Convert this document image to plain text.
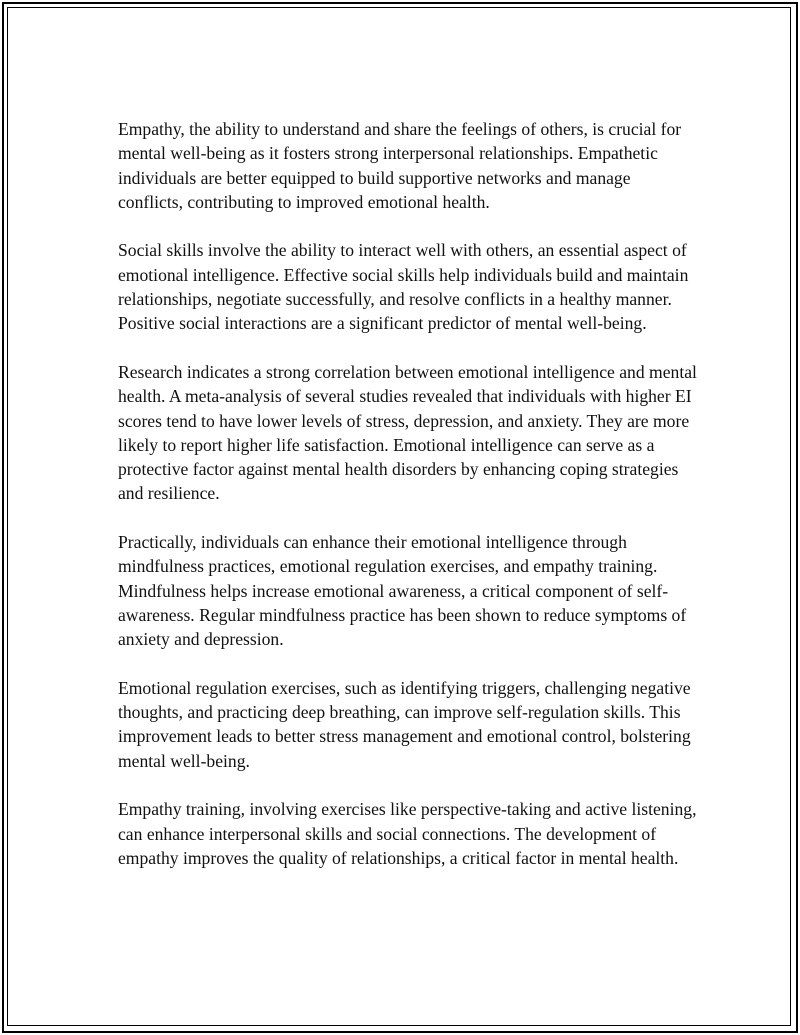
Empathy, the ability to understand and share the feelings of others, is crucial for mental well-being as it fosters strong interpersonal relationships. Empathetic individuals are better equipped to build supportive networks and manage conflicts, contributing to improved emotional health.

Social skills involve the ability to interact well with others, an essential aspect of emotional intelligence. Effective social skills help individuals build and maintain relationships, negotiate successfully, and resolve conflicts in a healthy manner. Positive social interactions are a significant predictor of mental well-being.

Research indicates a strong correlation between emotional intelligence and mental health. A meta-analysis of several studies revealed that individuals with higher EI scores tend to have lower levels of stress, depression, and anxiety. They are more likely to report higher life satisfaction. Emotional intelligence can serve as a protective factor against mental health disorders by enhancing coping strategies and resilience.

Practically, individuals can enhance their emotional intelligence through mindfulness practices, emotional regulation exercises, and empathy training. Mindfulness helps increase emotional awareness, a critical component of self-awareness. Regular mindfulness practice has been shown to reduce symptoms of anxiety and depression.

Emotional regulation exercises, such as identifying triggers, challenging negative thoughts, and practicing deep breathing, can improve self-regulation skills. This improvement leads to better stress management and emotional control, bolstering mental well-being.

Empathy training, involving exercises like perspective-taking and active listening, can enhance interpersonal skills and social connections. The development of empathy improves the quality of relationships, a critical factor in mental health.
